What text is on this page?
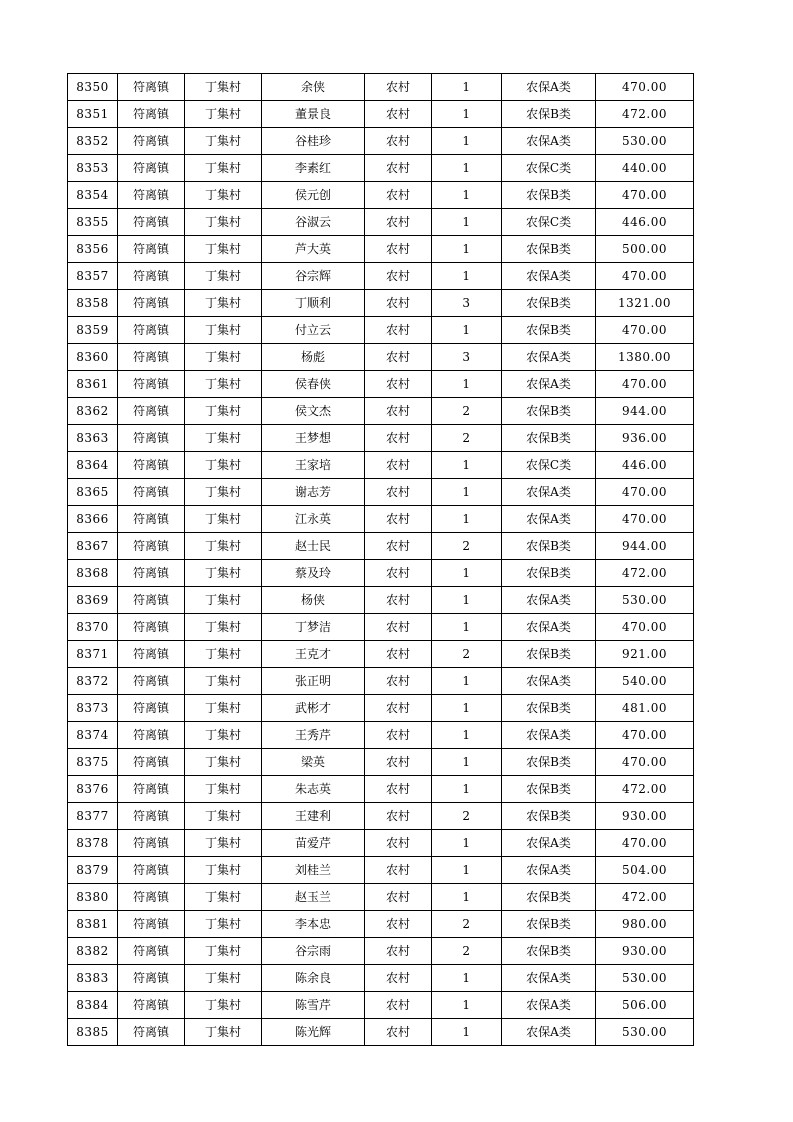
8350	符离镇	丁集村	余侠	农村	1	农保A类	470.00
8351	符离镇	丁集村	董景良	农村	1	农保B类	472.00
8352	符离镇	丁集村	谷桂珍	农村	1	农保A类	530.00
8353	符离镇	丁集村	李素红	农村	1	农保C类	440.00
8354	符离镇	丁集村	侯元创	农村	1	农保B类	470.00
8355	符离镇	丁集村	谷淑云	农村	1	农保C类	446.00
8356	符离镇	丁集村	芦大英	农村	1	农保B类	500.00
8357	符离镇	丁集村	谷宗辉	农村	1	农保A类	470.00
8358	符离镇	丁集村	丁顺利	农村	3	农保B类	1321.00
8359	符离镇	丁集村	付立云	农村	1	农保B类	470.00
8360	符离镇	丁集村	杨彪	农村	3	农保A类	1380.00
8361	符离镇	丁集村	侯春侠	农村	1	农保A类	470.00
8362	符离镇	丁集村	侯文杰	农村	2	农保B类	944.00
8363	符离镇	丁集村	王梦想	农村	2	农保B类	936.00
8364	符离镇	丁集村	王家培	农村	1	农保C类	446.00
8365	符离镇	丁集村	谢志芳	农村	1	农保A类	470.00
8366	符离镇	丁集村	江永英	农村	1	农保A类	470.00
8367	符离镇	丁集村	赵士民	农村	2	农保B类	944.00
8368	符离镇	丁集村	蔡及玲	农村	1	农保B类	472.00
8369	符离镇	丁集村	杨侠	农村	1	农保A类	530.00
8370	符离镇	丁集村	丁梦洁	农村	1	农保A类	470.00
8371	符离镇	丁集村	王克才	农村	2	农保B类	921.00
8372	符离镇	丁集村	张正明	农村	1	农保A类	540.00
8373	符离镇	丁集村	武彬才	农村	1	农保B类	481.00
8374	符离镇	丁集村	王秀芹	农村	1	农保A类	470.00
8375	符离镇	丁集村	梁英	农村	1	农保B类	470.00
8376	符离镇	丁集村	朱志英	农村	1	农保B类	472.00
8377	符离镇	丁集村	王建利	农村	2	农保B类	930.00
8378	符离镇	丁集村	苗爱芹	农村	1	农保A类	470.00
8379	符离镇	丁集村	刘桂兰	农村	1	农保A类	504.00
8380	符离镇	丁集村	赵玉兰	农村	1	农保B类	472.00
8381	符离镇	丁集村	李本忠	农村	2	农保B类	980.00
8382	符离镇	丁集村	谷宗雨	农村	2	农保B类	930.00
8383	符离镇	丁集村	陈余良	农村	1	农保A类	530.00
8384	符离镇	丁集村	陈雪芹	农村	1	农保A类	506.00
8385	符离镇	丁集村	陈光辉	农村	1	农保A类	530.00
